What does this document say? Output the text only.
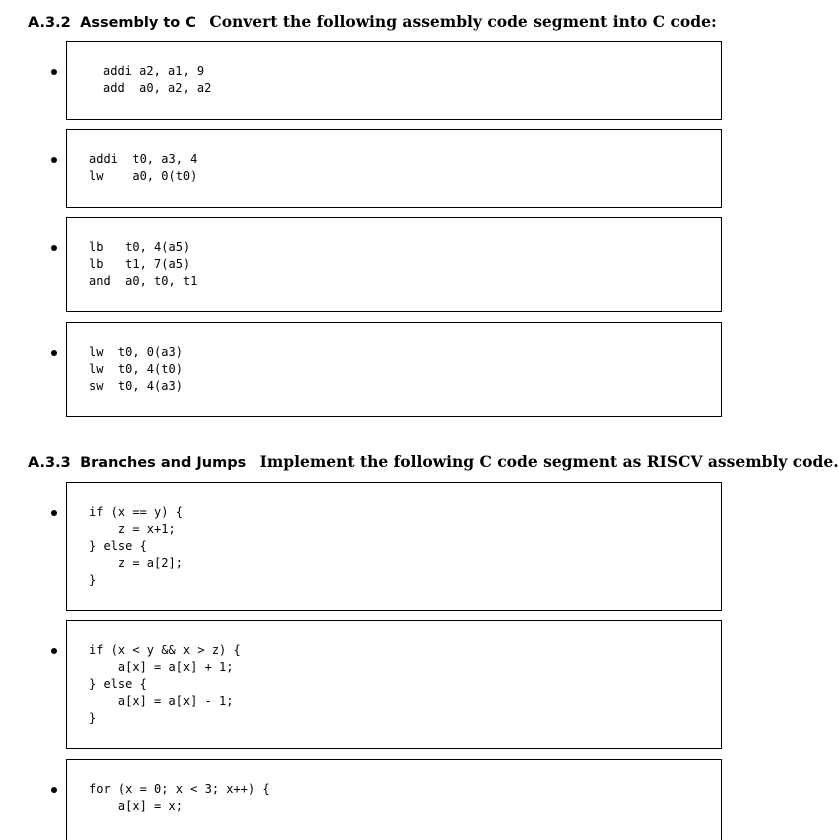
A.3.2 Assembly to C Convert the following assembly code segment into C code:
addi a2, a1, 9
add  a0, a2, a2
addi  t0, a3, 4
lw    a0, 0(t0)
lb   t0, 4(a5)
lb   t1, 7(a5)
and  a0, t0, t1
lw  t0, 0(a3)
lw  t0, 4(t0)
sw  t0, 4(a3)
A.3.3 Branches and Jumps Implement the following C code segment as RISCV assembly code.
if (x == y) {
z = x+1;
} else {
z = a[2];
}
if (x < y && x > z) {
a[x] = a[x] + 1;
} else {
a[x] = a[x] - 1;
}
for (x = 0; x < 3; x++) {
a[x] = x;
